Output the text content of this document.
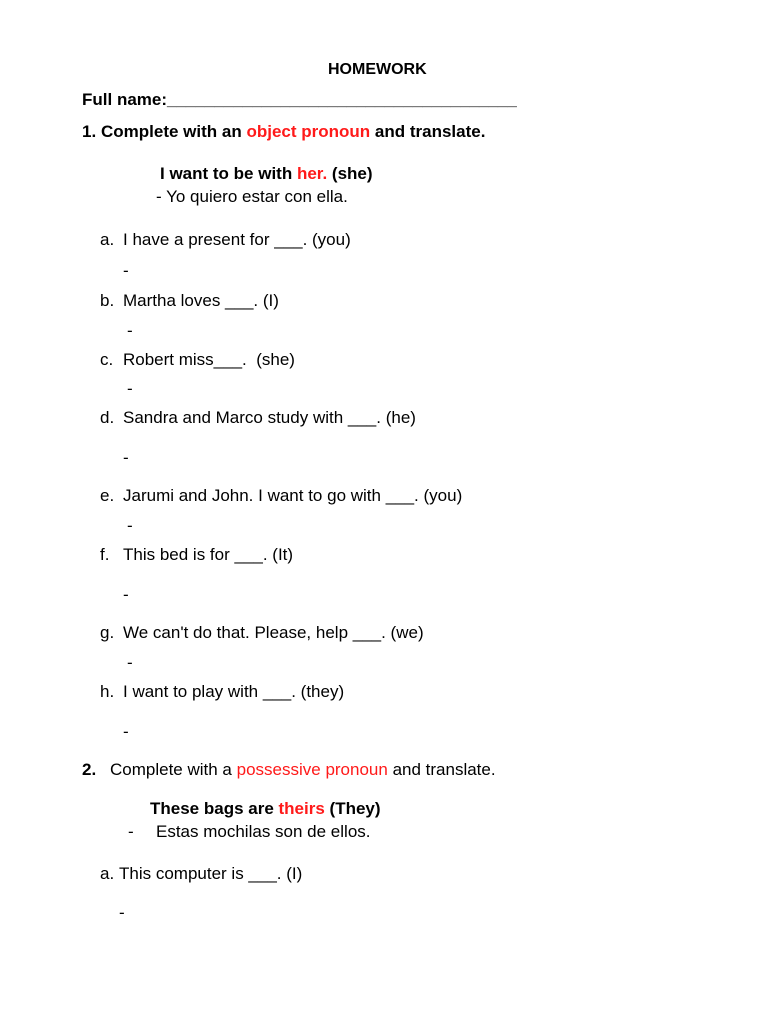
HOMEWORK
Full name:_____________________________________
1. Complete with an object pronoun and translate.
I want to be with her. (she)
- Yo quiero estar con ella.
a. I have a present for ___. (you)
-
b. Martha loves ___. (I)
-
c. Robert miss___.  (she)
-
d. Sandra and Marco study with ___. (he)
-
e. Jarumi and John. I want to go with ___. (you)
-
f. This bed is for ___. (It)
-
g. We can't do that. Please, help ___. (we)
-
h. I want to play with ___. (they)
-
2. Complete with a possessive pronoun and translate.
These bags are theirs (They)
- Estas mochilas son de ellos.
a. This computer is ___. (I)
-
